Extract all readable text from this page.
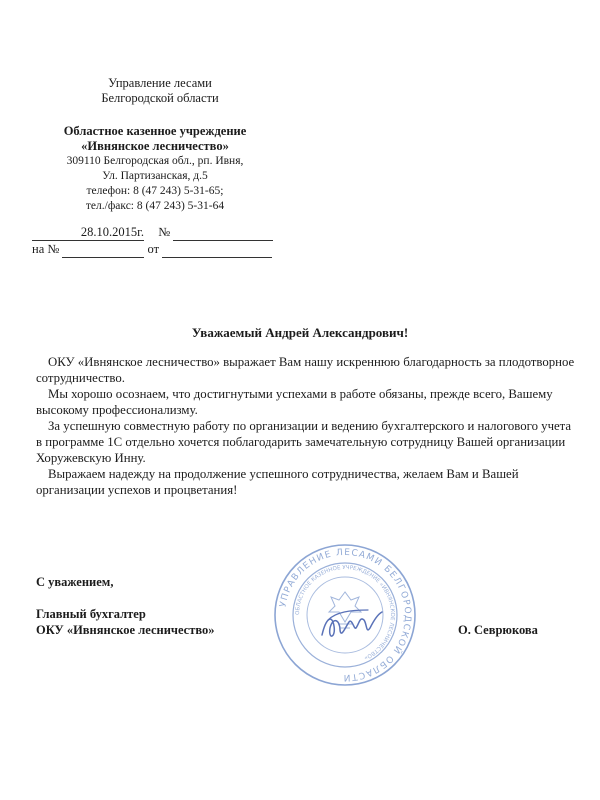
Управление лесами
Белгородской области
Областное казенное учреждение
«Ивнянское лесничество»
309110 Белгородская обл., рп. Ивня,
Ул. Партизанская, д.5
телефон: 8 (47 243) 5-31-65;
тел./факс: 8 (47 243) 5-31-64
28.10.2015г. №
на №	от
Уважаемый Андрей Александрович!

ОКУ «Ивнянское лесничество» выражает Вам нашу искреннюю благодарность за плодотворное сотрудничество.

Мы хорошо осознаем, что достигнутыми успехами в работе обязаны, прежде всего, Вашему высокому профессионализму.

За успешную совместную работу по организации и ведению бухгалтерского и налогового учета в программе 1С отдельно хочется поблагодарить замечательную сотрудницу Вашей организации Хоружевскую Инну.

Выражаем надежду на продолжение успешного сотрудничества, желаем Вам и Вашей организации успехов и процветания!

С уважением,
Главный бухгалтер
ОКУ «Ивнянское лесничество»	О. Севрюкова
УПРАВЛЕНИЕ ЛЕСАМИ БЕЛГОРОДСКОЙ ОБЛАСТИ
ОБЛАСТНОЕ КАЗЕННОЕ УЧРЕЖДЕНИЕ «ИВНЯНСКОЕ ЛЕСНИЧЕСТВО»
